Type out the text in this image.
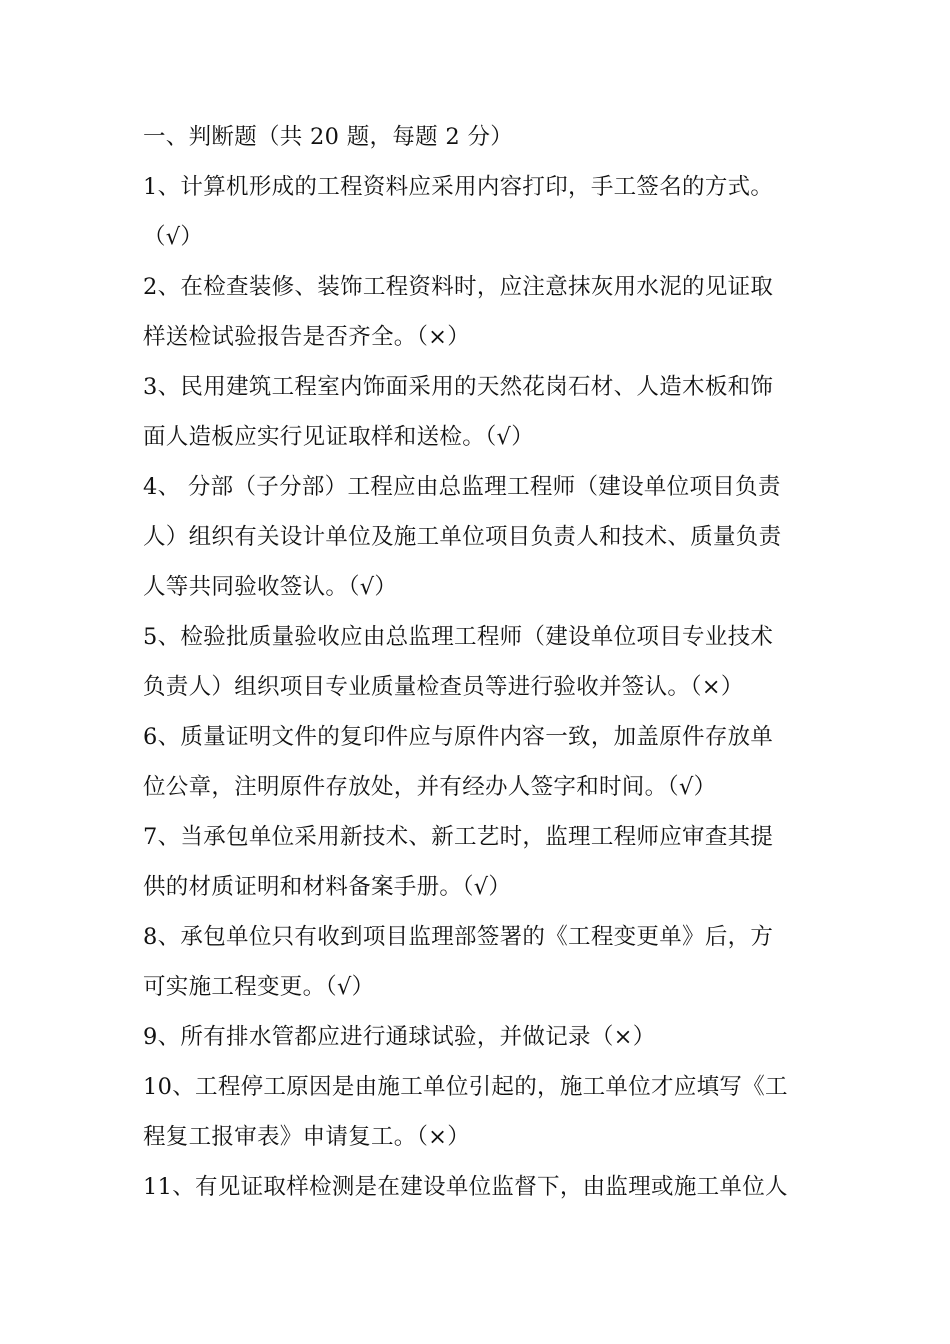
一、判断题（共 20 题，每题 2 分）
1、计算机形成的工程资料应采用内容打印，手工签名的方式。
（√）
2、在检查装修、装饰工程资料时，应注意抹灰用水泥的见证取
样送检试验报告是否齐全。（×）
3、民用建筑工程室内饰面采用的天然花岗石材、人造木板和饰
面人造板应实行见证取样和送检。（√）
4、 分部（子分部）工程应由总监理工程师（建设单位项目负责
人）组织有关设计单位及施工单位项目负责人和技术、质量负责
人等共同验收签认。（√）
5、检验批质量验收应由总监理工程师（建设单位项目专业技术
负责人）组织项目专业质量检查员等进行验收并签认。（×）
6、质量证明文件的复印件应与原件内容一致，加盖原件存放单
位公章，注明原件存放处，并有经办人签字和时间。（√）
7、当承包单位采用新技术、新工艺时，监理工程师应审查其提
供的材质证明和材料备案手册。（√）
8、承包单位只有收到项目监理部签署的《工程变更单》后，方
可实施工程变更。（√）
9、所有排水管都应进行通球试验，并做记录（×）
10、工程停工原因是由施工单位引起的，施工单位才应填写《工
程复工报审表》申请复工。（×）
11、有见证取样检测是在建设单位监督下，由监理或施工单位人
